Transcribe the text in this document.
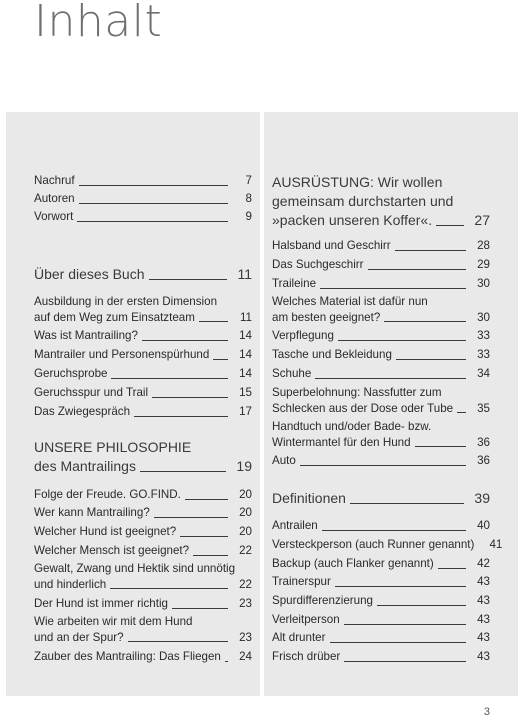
Inhalt
Nachruf	7
Autoren	8
Vorwort	9
Über dieses Buch	11
Ausbildung in der ersten Dimension
auf dem Weg zum Einsatzteam	11
Was ist Mantrailing?	14
Mantrailer und Personenspürhund	14
Geruchsprobe	14
Geruchsspur und Trail	15
Das Zwiegespräch	17
UNSERE PHILOSOPHIE
des Mantrailings	19
Folge der Freude. GO.FIND.	20
Wer kann Mantrailing?	20
Welcher Hund ist geeignet?	20
Welcher Mensch ist geeignet?	22
Gewalt, Zwang und Hektik sind unnötig
und hinderlich	22
Der Hund ist immer richtig	23
Wie arbeiten wir mit dem Hund
und an der Spur?	23
Zauber des Mantrailing: Das Fliegen 24
AUSRÜSTUNG: Wir wollen
gemeinsam durchstarten und
»packen unseren Koffer«.	27
Halsband und Geschirr	28
Das Suchgeschirr	29
Traileine	30
Welches Material ist dafür nun
am besten geeignet?	30
Verpflegung	33
Tasche und Bekleidung	33
Schuhe	34
Superbelohnung: Nassfutter zum
Schlecken aus der Dose oder Tube 35
Handtuch und/oder Bade- bzw.
Wintermantel für den Hund	36
Auto	36
Definitionen	39
Antrailen	40
Versteckperson (auch Runner genannt) 41
Backup (auch Flanker genannt)	42
Trainerspur	43
Spurdifferenzierung	43
Verleitperson	43
Alt drunter	43
Frisch drüber	43
3
